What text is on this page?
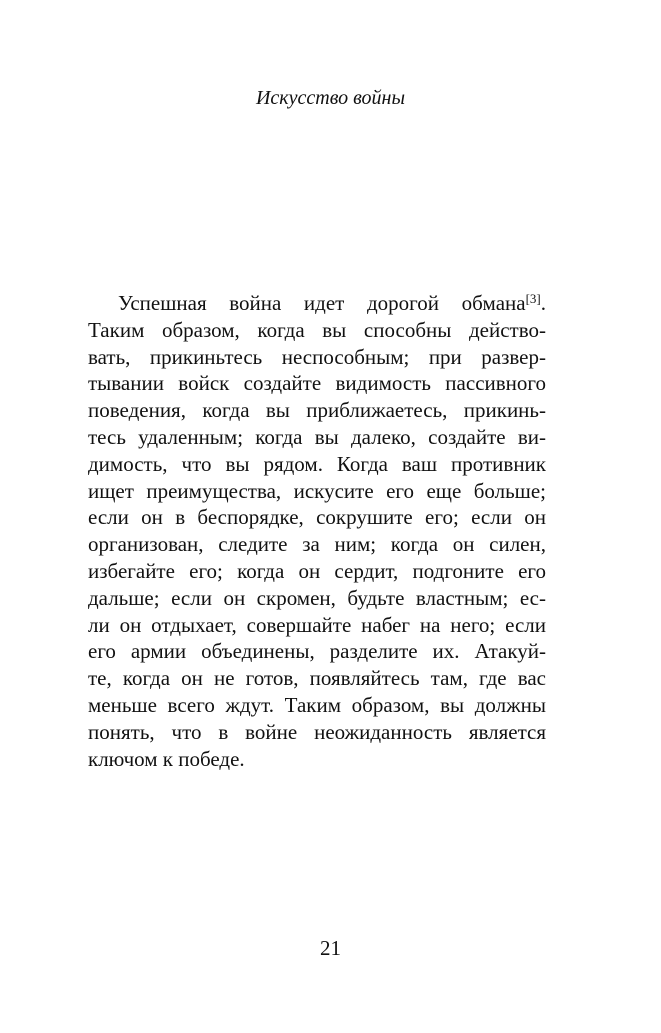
Искусство войны
Успешная война идет дорогой обмана[3].
Таким образом, когда вы способны действо-
вать, прикиньтесь неспособным; при развер-
тывании войск создайте видимость пассивного
поведения, когда вы приближаетесь, прикинь-
тесь удаленным; когда вы далеко, создайте ви-
димость, что вы рядом. Когда ваш противник
ищет преимущества, искусите его еще больше;
если он в беспорядке, сокрушите его; если он
организован, следите за ним; когда он силен,
избегайте его; когда он сердит, подгоните его
дальше; если он скромен, будьте властным; ес-
ли он отдыхает, совершайте набег на него; если
его армии объединены, разделите их. Атакуй-
те, когда он не готов, появляйтесь там, где вас
меньше всего ждут. Таким образом, вы должны
понять, что в войне неожиданность является
ключом к победе.
21
